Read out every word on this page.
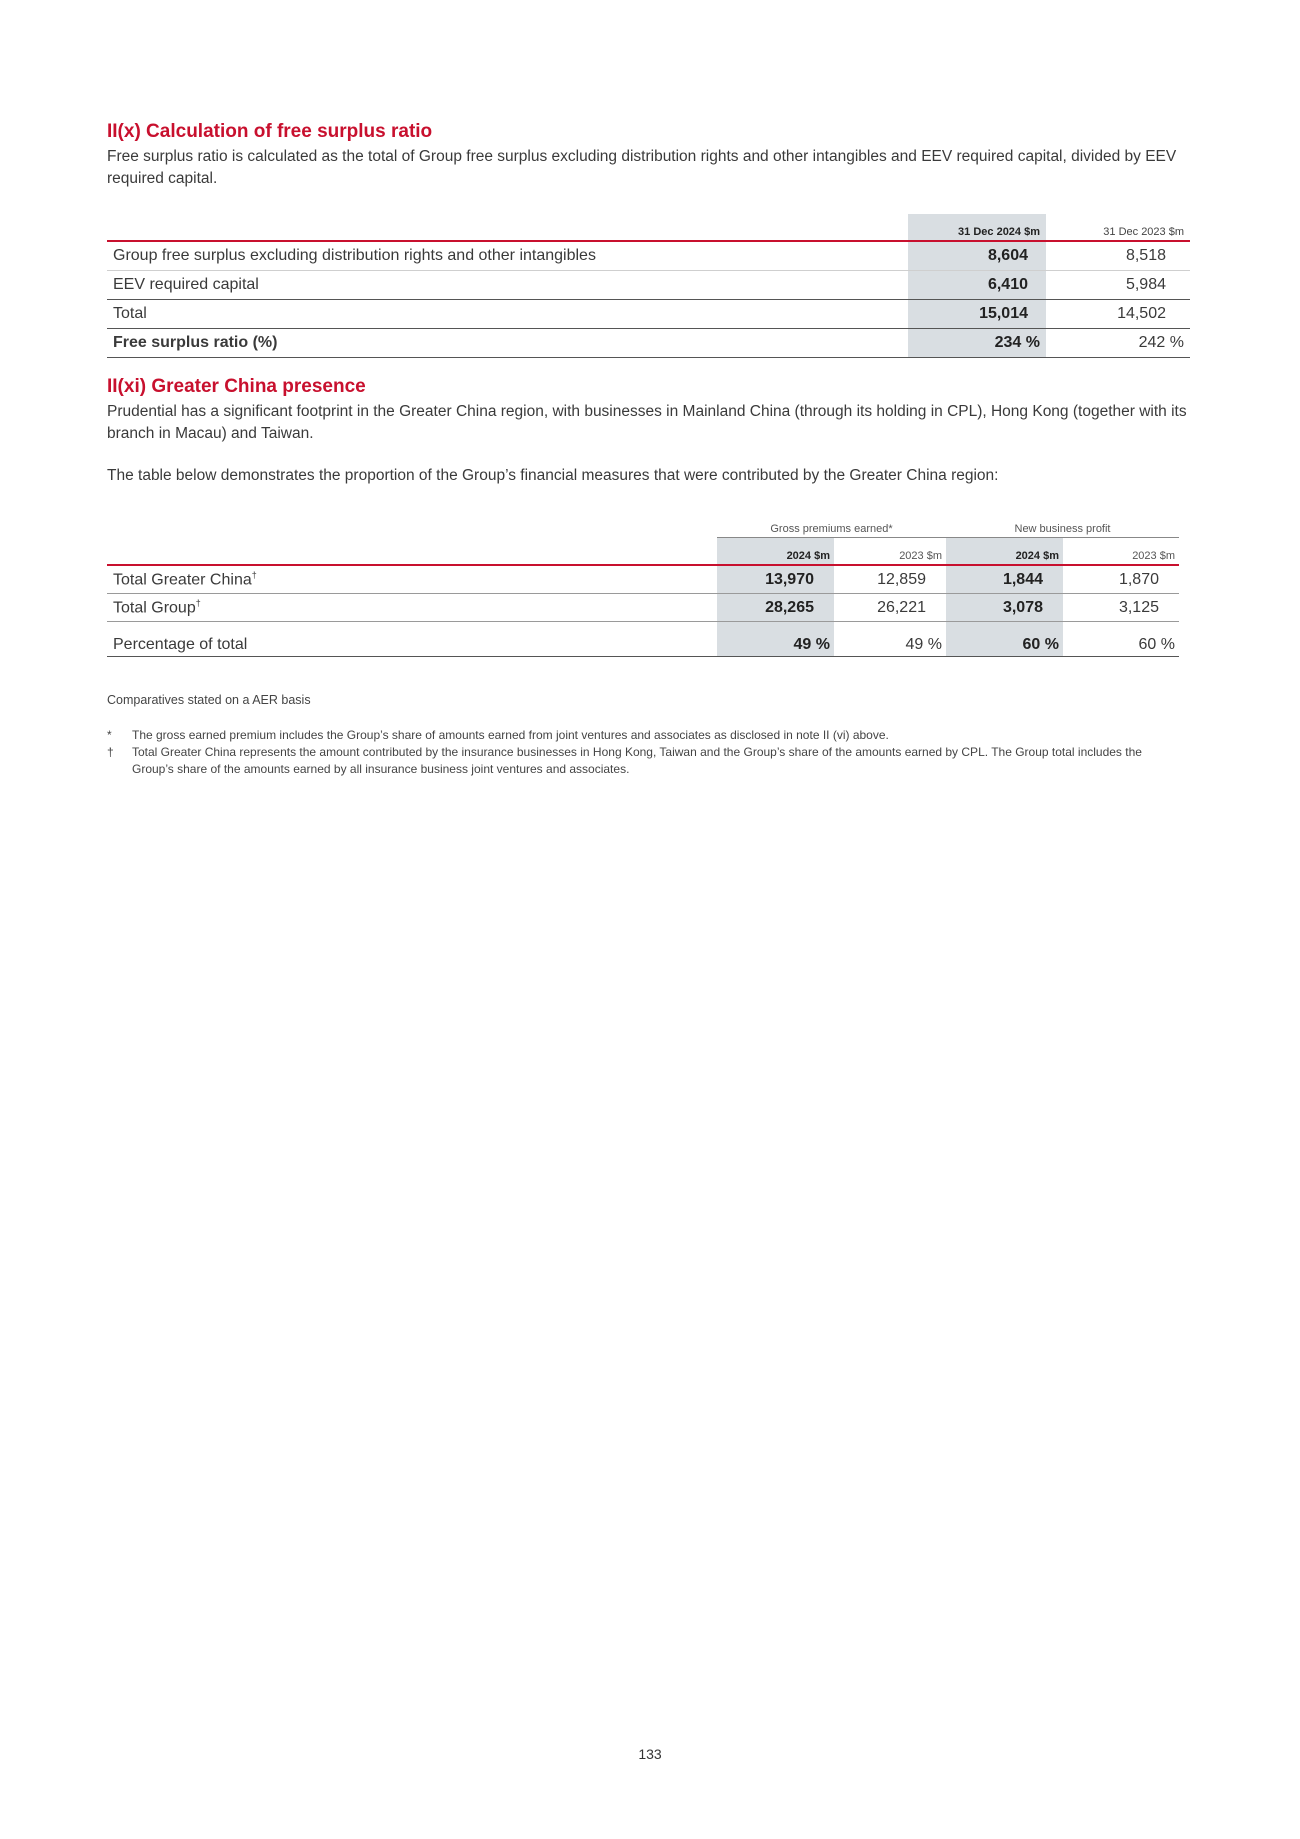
II(x) Calculation of free surplus ratio

Free surplus ratio is calculated as the total of Group free surplus excluding distribution rights and other intangibles and EEV required capital, divided by EEV required capital.

	31 Dec 2024 $m	31 Dec 2023 $m
Group free surplus excluding distribution rights and other intangibles	8,604	8,518
EEV required capital	6,410	5,984
Total	15,014	14,502
Free surplus ratio (%)	234 %	242 %
II(xi) Greater China presence

Prudential has a significant footprint in the Greater China region, with businesses in Mainland China (through its holding in CPL), Hong Kong (together with its branch in Macau) and Taiwan.

The table below demonstrates the proportion of the Group’s financial measures that were contributed by the Greater China region:

	Gross premiums earned*		New business profit	
	2024 $m	2023 $m	2024 $m	2023 $m
Total Greater China†	13,970	12,859	1,844	1,870
Total Group†	28,265	26,221	3,078	3,125
Percentage of total	49 %	49 %	60 %	60 %
Comparatives stated on a AER basis
* The gross earned premium includes the Group’s share of amounts earned from joint ventures and associates as disclosed in note II (vi) above.
† Total Greater China represents the amount contributed by the insurance businesses in Hong Kong, Taiwan and the Group’s share of the amounts earned by CPL. The Group total includes the Group’s share of the amounts earned by all insurance business joint ventures and associates.
133
